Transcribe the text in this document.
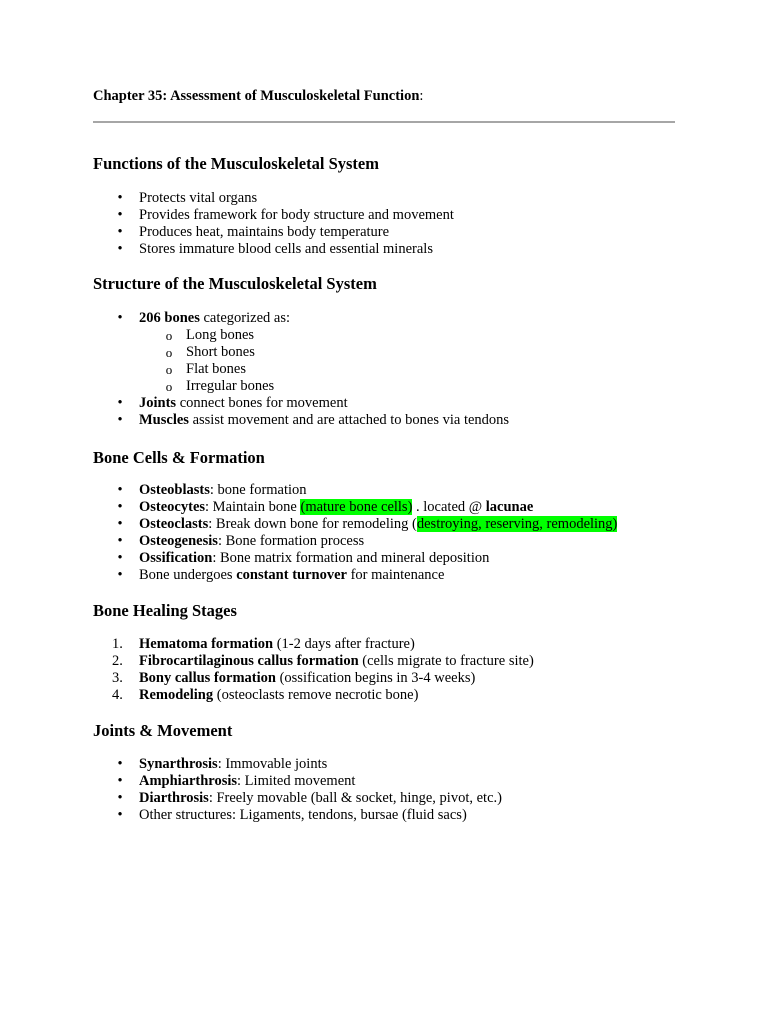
Chapter 35: Assessment of Musculoskeletal Function:

Functions of the Musculoskeletal System
•	Protects vital organs
•	Provides framework for body structure and movement
•	Produces heat, maintains body temperature
•	Stores immature blood cells and essential minerals
Structure of the Musculoskeletal System
•	206 bones categorized as:
o Long bones
o Short bones
o Flat bones
o Irregular bones
•	Joints connect bones for movement
•	Muscles assist movement and are attached to bones via tendons
Bone Cells & Formation
•	Osteoblasts: bone formation
•	Osteocytes: Maintain bone (mature bone cells) . located @ lacunae
•	Osteoclasts: Break down bone for remodeling (destroying, reserving, remodeling)
•	Osteogenesis: Bone formation process
•	Ossification: Bone matrix formation and mineral deposition
•	Bone undergoes constant turnover for maintenance
Bone Healing Stages
1. Hematoma formation (1-2 days after fracture)
2. Fibrocartilaginous callus formation (cells migrate to fracture site)
3. Bony callus formation (ossification begins in 3-4 weeks)
4. Remodeling (osteoclasts remove necrotic bone)
Joints & Movement
•	Synarthrosis: Immovable joints
•	Amphiarthrosis: Limited movement
•	Diarthrosis: Freely movable (ball & socket, hinge, pivot, etc.)
•	Other structures: Ligaments, tendons, bursae (fluid sacs)
